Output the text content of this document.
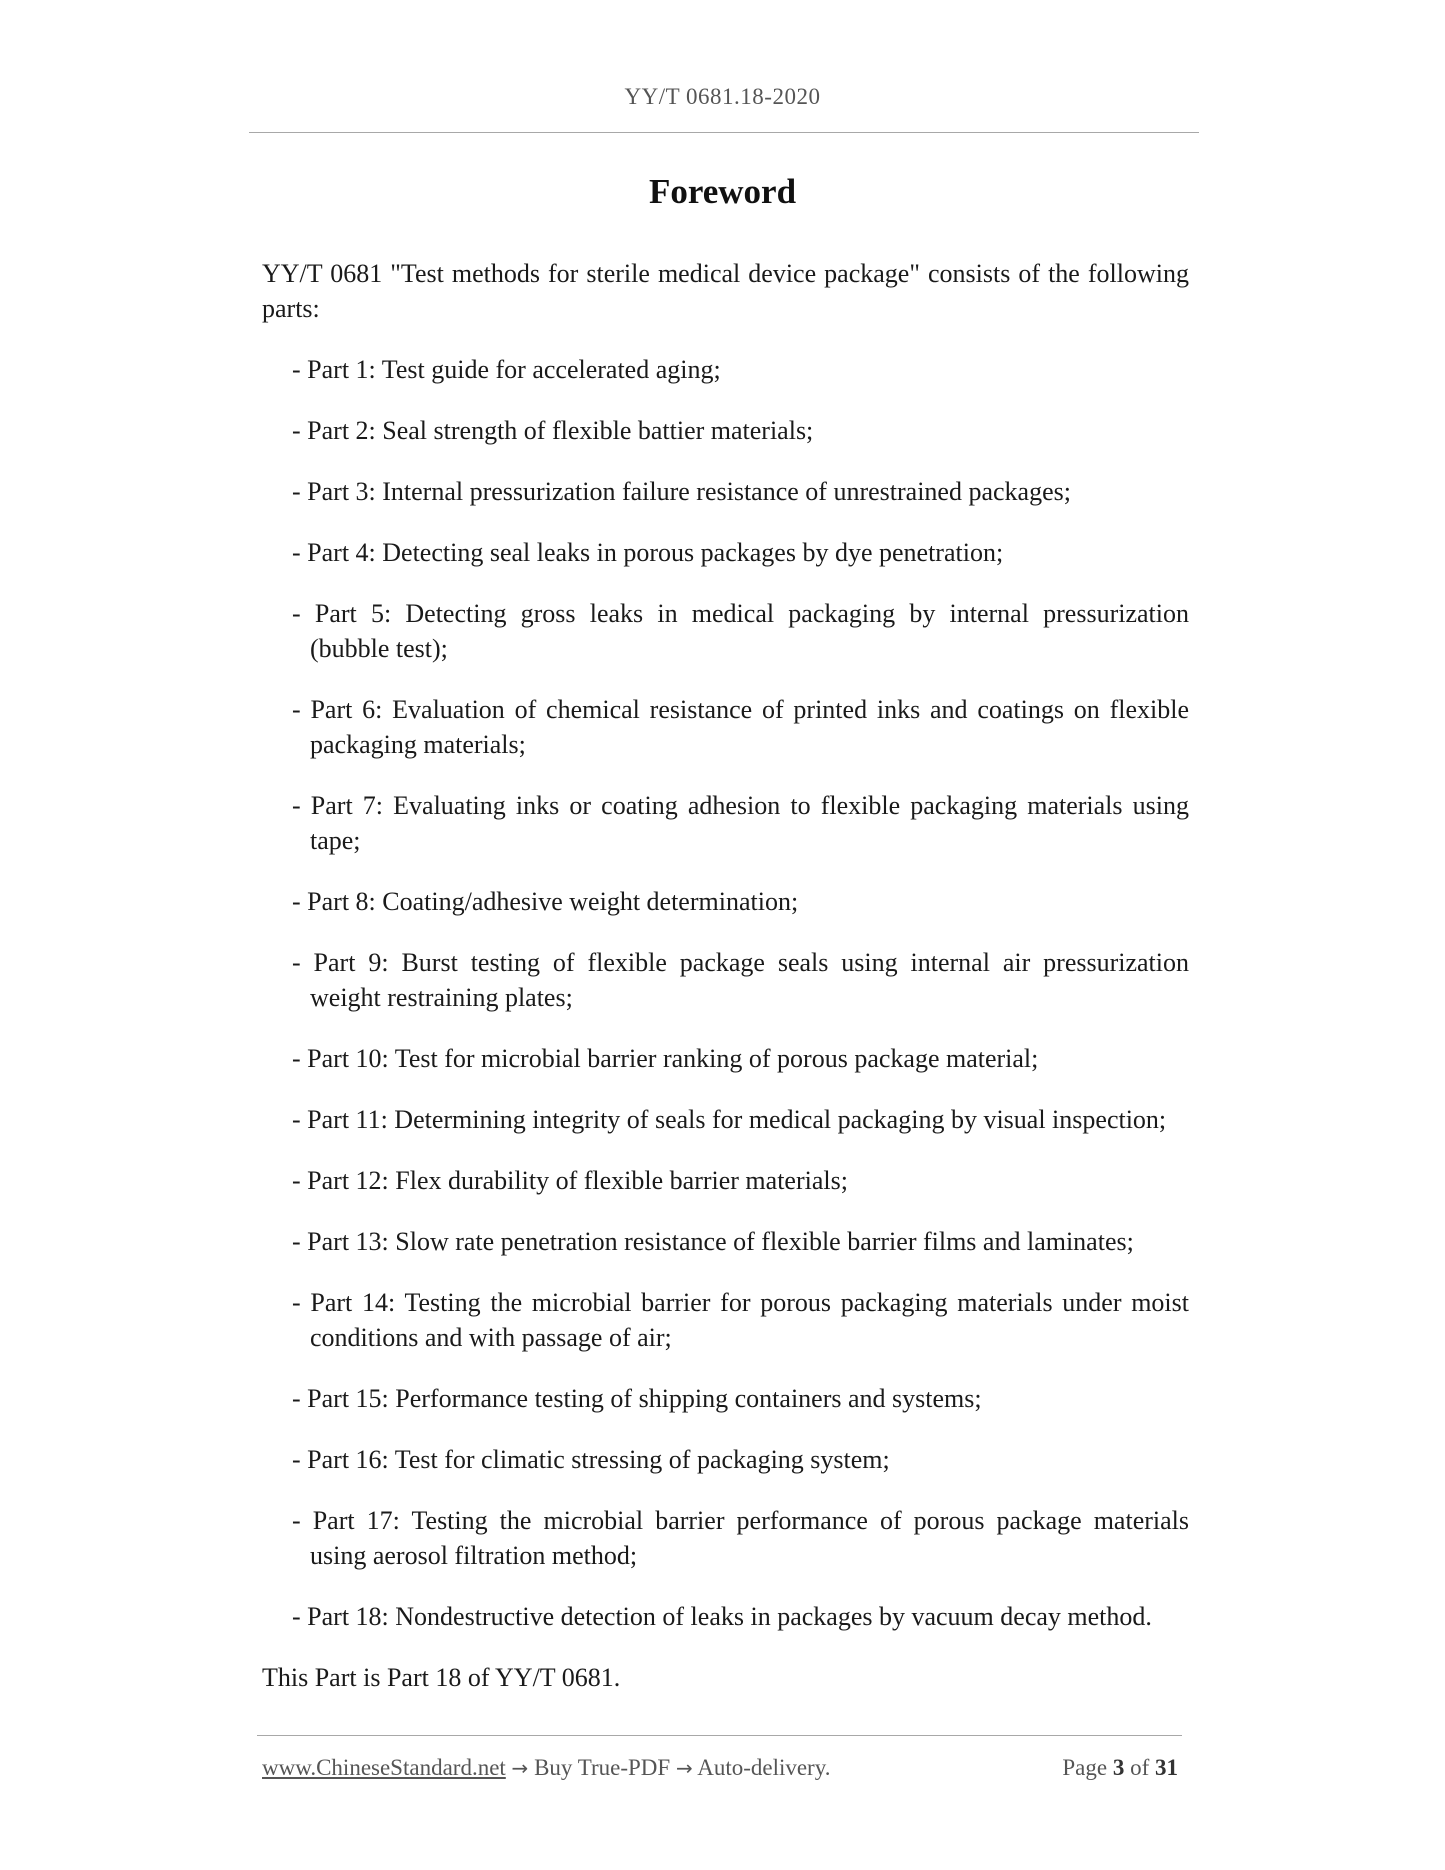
YY/T 0681.18-2020
Foreword

YY/T 0681 "Test methods for sterile medical device package" consists of the following parts:

- Part 1: Test guide for accelerated aging;
- Part 2: Seal strength of flexible battier materials;
- Part 3: Internal pressurization failure resistance of unrestrained packages;
- Part 4: Detecting seal leaks in porous packages by dye penetration;
- Part 5: Detecting gross leaks in medical packaging by internal pressurization (bubble test);
- Part 6: Evaluation of chemical resistance of printed inks and coatings on flexible packaging materials;
- Part 7: Evaluating inks or coating adhesion to flexible packaging materials using tape;
- Part 8: Coating/adhesive weight determination;
- Part 9: Burst testing of flexible package seals using internal air pressurization weight restraining plates;
- Part 10: Test for microbial barrier ranking of porous package material;
- Part 11: Determining integrity of seals for medical packaging by visual inspection;
- Part 12: Flex durability of flexible barrier materials;
- Part 13: Slow rate penetration resistance of flexible barrier films and laminates;
- Part 14: Testing the microbial barrier for porous packaging materials under moist conditions and with passage of air;
- Part 15: Performance testing of shipping containers and systems;
- Part 16: Test for climatic stressing of packaging system;
- Part 17: Testing the microbial barrier performance of porous package materials using aerosol filtration method;
- Part 18: Nondestructive detection of leaks in packages by vacuum decay method.

This Part is Part 18 of YY/T 0681.

www.ChineseStandard.net → Buy True-PDF → Auto-delivery.	Page 3 of 31
